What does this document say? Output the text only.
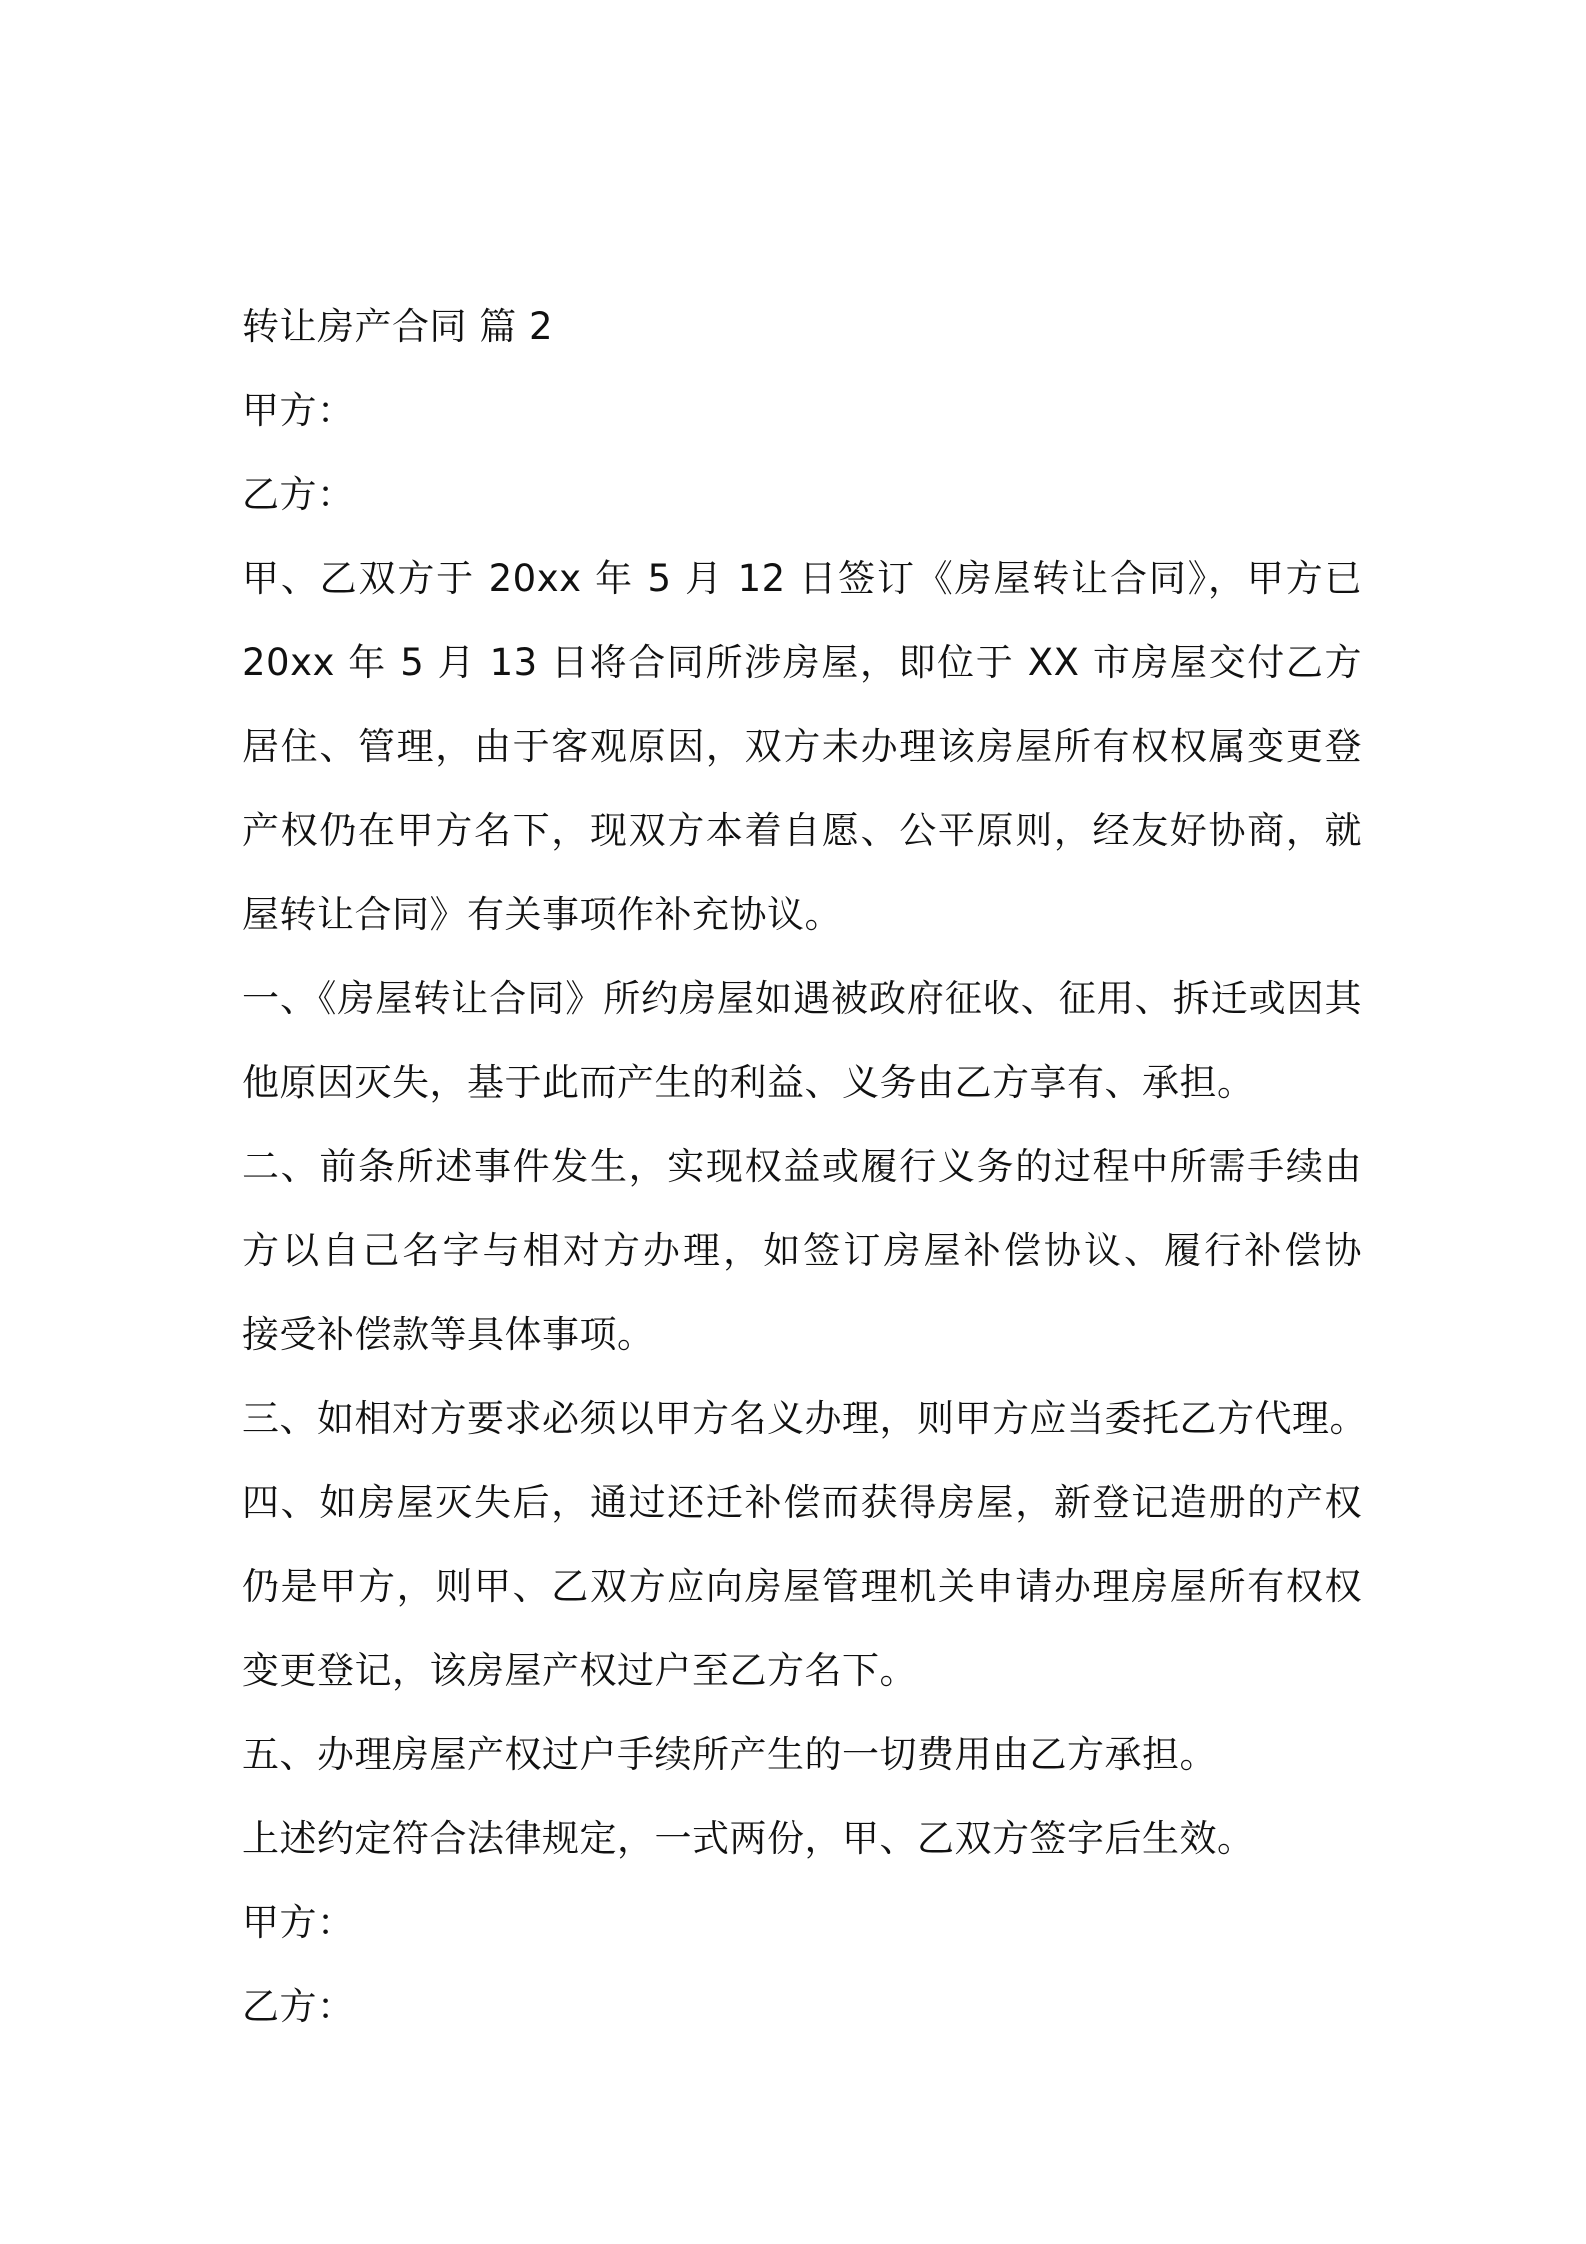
转让房产合同 篇 2
甲方：
乙方：
甲、乙双方于 20xx 年 5 月 12 日签订《房屋转让合同》，甲方已
20xx 年 5 月 13 日将合同所涉房屋，即位于 XX 市房屋交付乙方
居住、管理，由于客观原因，双方未办理该房屋所有权权属变更登
产权仍在甲方名下，现双方本着自愿、公平原则，经友好协商，就
屋转让合同》有关事项作补充协议。
一、《房屋转让合同》所约房屋如遇被政府征收、征用、拆迁或因其
他原因灭失，基于此而产生的利益、义务由乙方享有、承担。
二、前条所述事件发生，实现权益或履行义务的过程中所需手续由
方以自己名字与相对方办理，如签订房屋补偿协议、履行补偿协
接受补偿款等具体事项。
三、如相对方要求必须以甲方名义办理，则甲方应当委托乙方代理。
四、如房屋灭失后，通过还迁补偿而获得房屋，新登记造册的产权
仍是甲方，则甲、乙双方应向房屋管理机关申请办理房屋所有权权
变更登记，该房屋产权过户至乙方名下。
五、办理房屋产权过户手续所产生的一切费用由乙方承担。
上述约定符合法律规定，一式两份，甲、乙双方签字后生效。
甲方：
乙方：
